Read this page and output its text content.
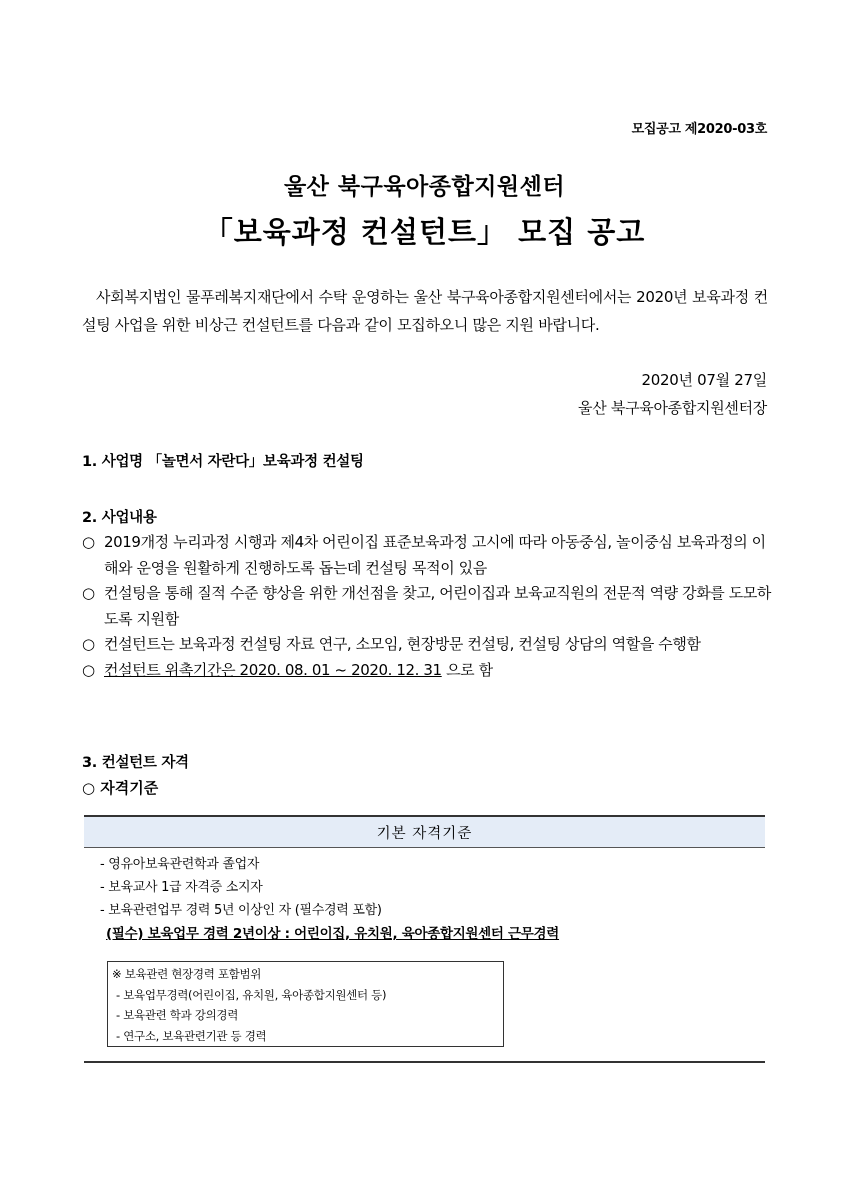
모집공고 제2020-03호
울산 북구육아종합지원센터
「보육과정 컨설턴트」 모집 공고

사회복지법인 물푸레복지재단에서 수탁 운영하는 울산 북구육아종합지원센터에서는 2020년 보육과정 컨설팅 사업을 위한 비상근 컨설턴트를 다음과 같이 모집하오니 많은 지원 바랍니다.

2020년 07월 27일
울산 북구육아종합지원센터장
1. 사업명 「놀면서 자란다」보육과정 컨설팅
2. 사업내용
○ 2019개정 누리과정 시행과 제4차 어린이집 표준보육과정 고시에 따라 아동중심, 놀이중심 보육과정의 이해와 운영을 원활하게 진행하도록 돕는데 컨설팅 목적이 있음
○ 컨설팅을 통해 질적 수준 향상을 위한 개선점을 찾고, 어린이집과 보육교직원의 전문적 역량 강화를 도모하도록 지원함
○ 컨설턴트는 보육과정 컨설팅 자료 연구, 소모임, 현장방문 컨설팅, 컨설팅 상담의 역할을 수행함
○ 컨설턴트 위촉기간은 2020. 08. 01 ~ 2020. 12. 31 으로 함
3. 컨설턴트 자격
○ 자격기준
기본 자격기준
- 영유아보육관련학과 졸업자
- 보육교사 1급 자격증 소지자
- 보육관련업무 경력 5년 이상인 자 (필수경력 포함)
(필수) 보육업무 경력 2년이상 : 어린이집, 유치원, 육아종합지원센터 근무경력
※ 보육관련 현장경력 포함범위
- 보육업무경력(어린이집, 유치원, 육아종합지원센터 등)
- 보육관련 학과 강의경력
- 연구소, 보육관련기관 등 경력
